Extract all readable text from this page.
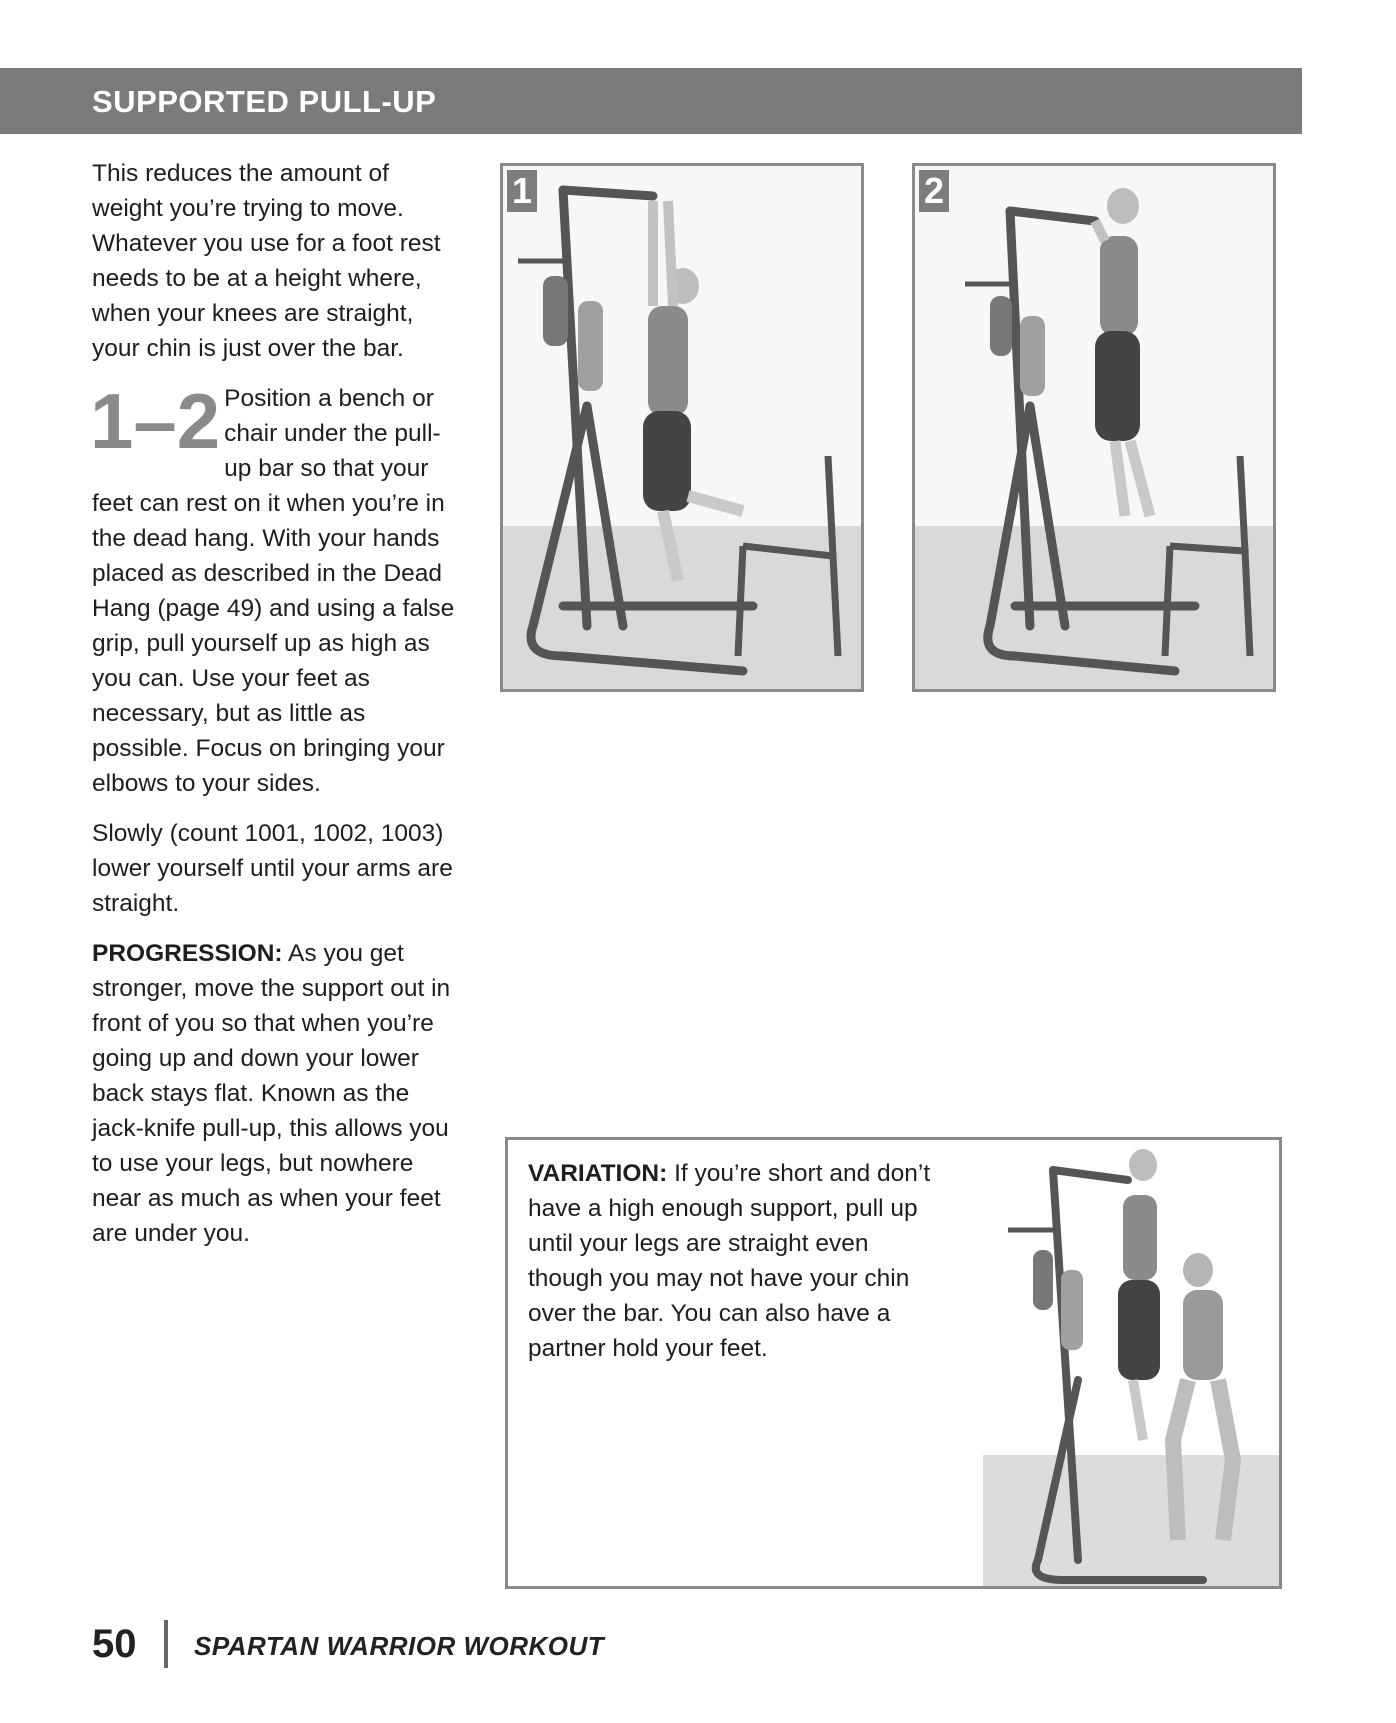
SUPPORTED PULL-UP

This reduces the amount of weight you’re trying to move. Whatever you use for a foot rest needs to be at a height where, when your knees are straight, your chin is just over the bar.

1–2 Position a bench or chair under the pull-up bar so that your feet can rest on it when you’re in the dead hang. With your hands placed as described in the Dead Hang (page 49) and using a false grip, pull yourself up as high as you can. Use your feet as necessary, but as little as possible. Focus on bringing your elbows to your sides.

Slowly (count 1001, 1002, 1003) lower yourself until your arms are straight.

PROGRESSION: As you get stronger, move the support out in front of you so that when you’re going up and down your lower back stays flat. Known as the jack-knife pull-up, this allows you to use your legs, but nowhere near as much as when your feet are under you.

1	2
VARIATION: If you’re short and don’t have a high enough support, pull up until your legs are straight even though you may not have your chin over the bar. You can also have a partner hold your feet.
50 SPARTAN WARRIOR WORKOUT
